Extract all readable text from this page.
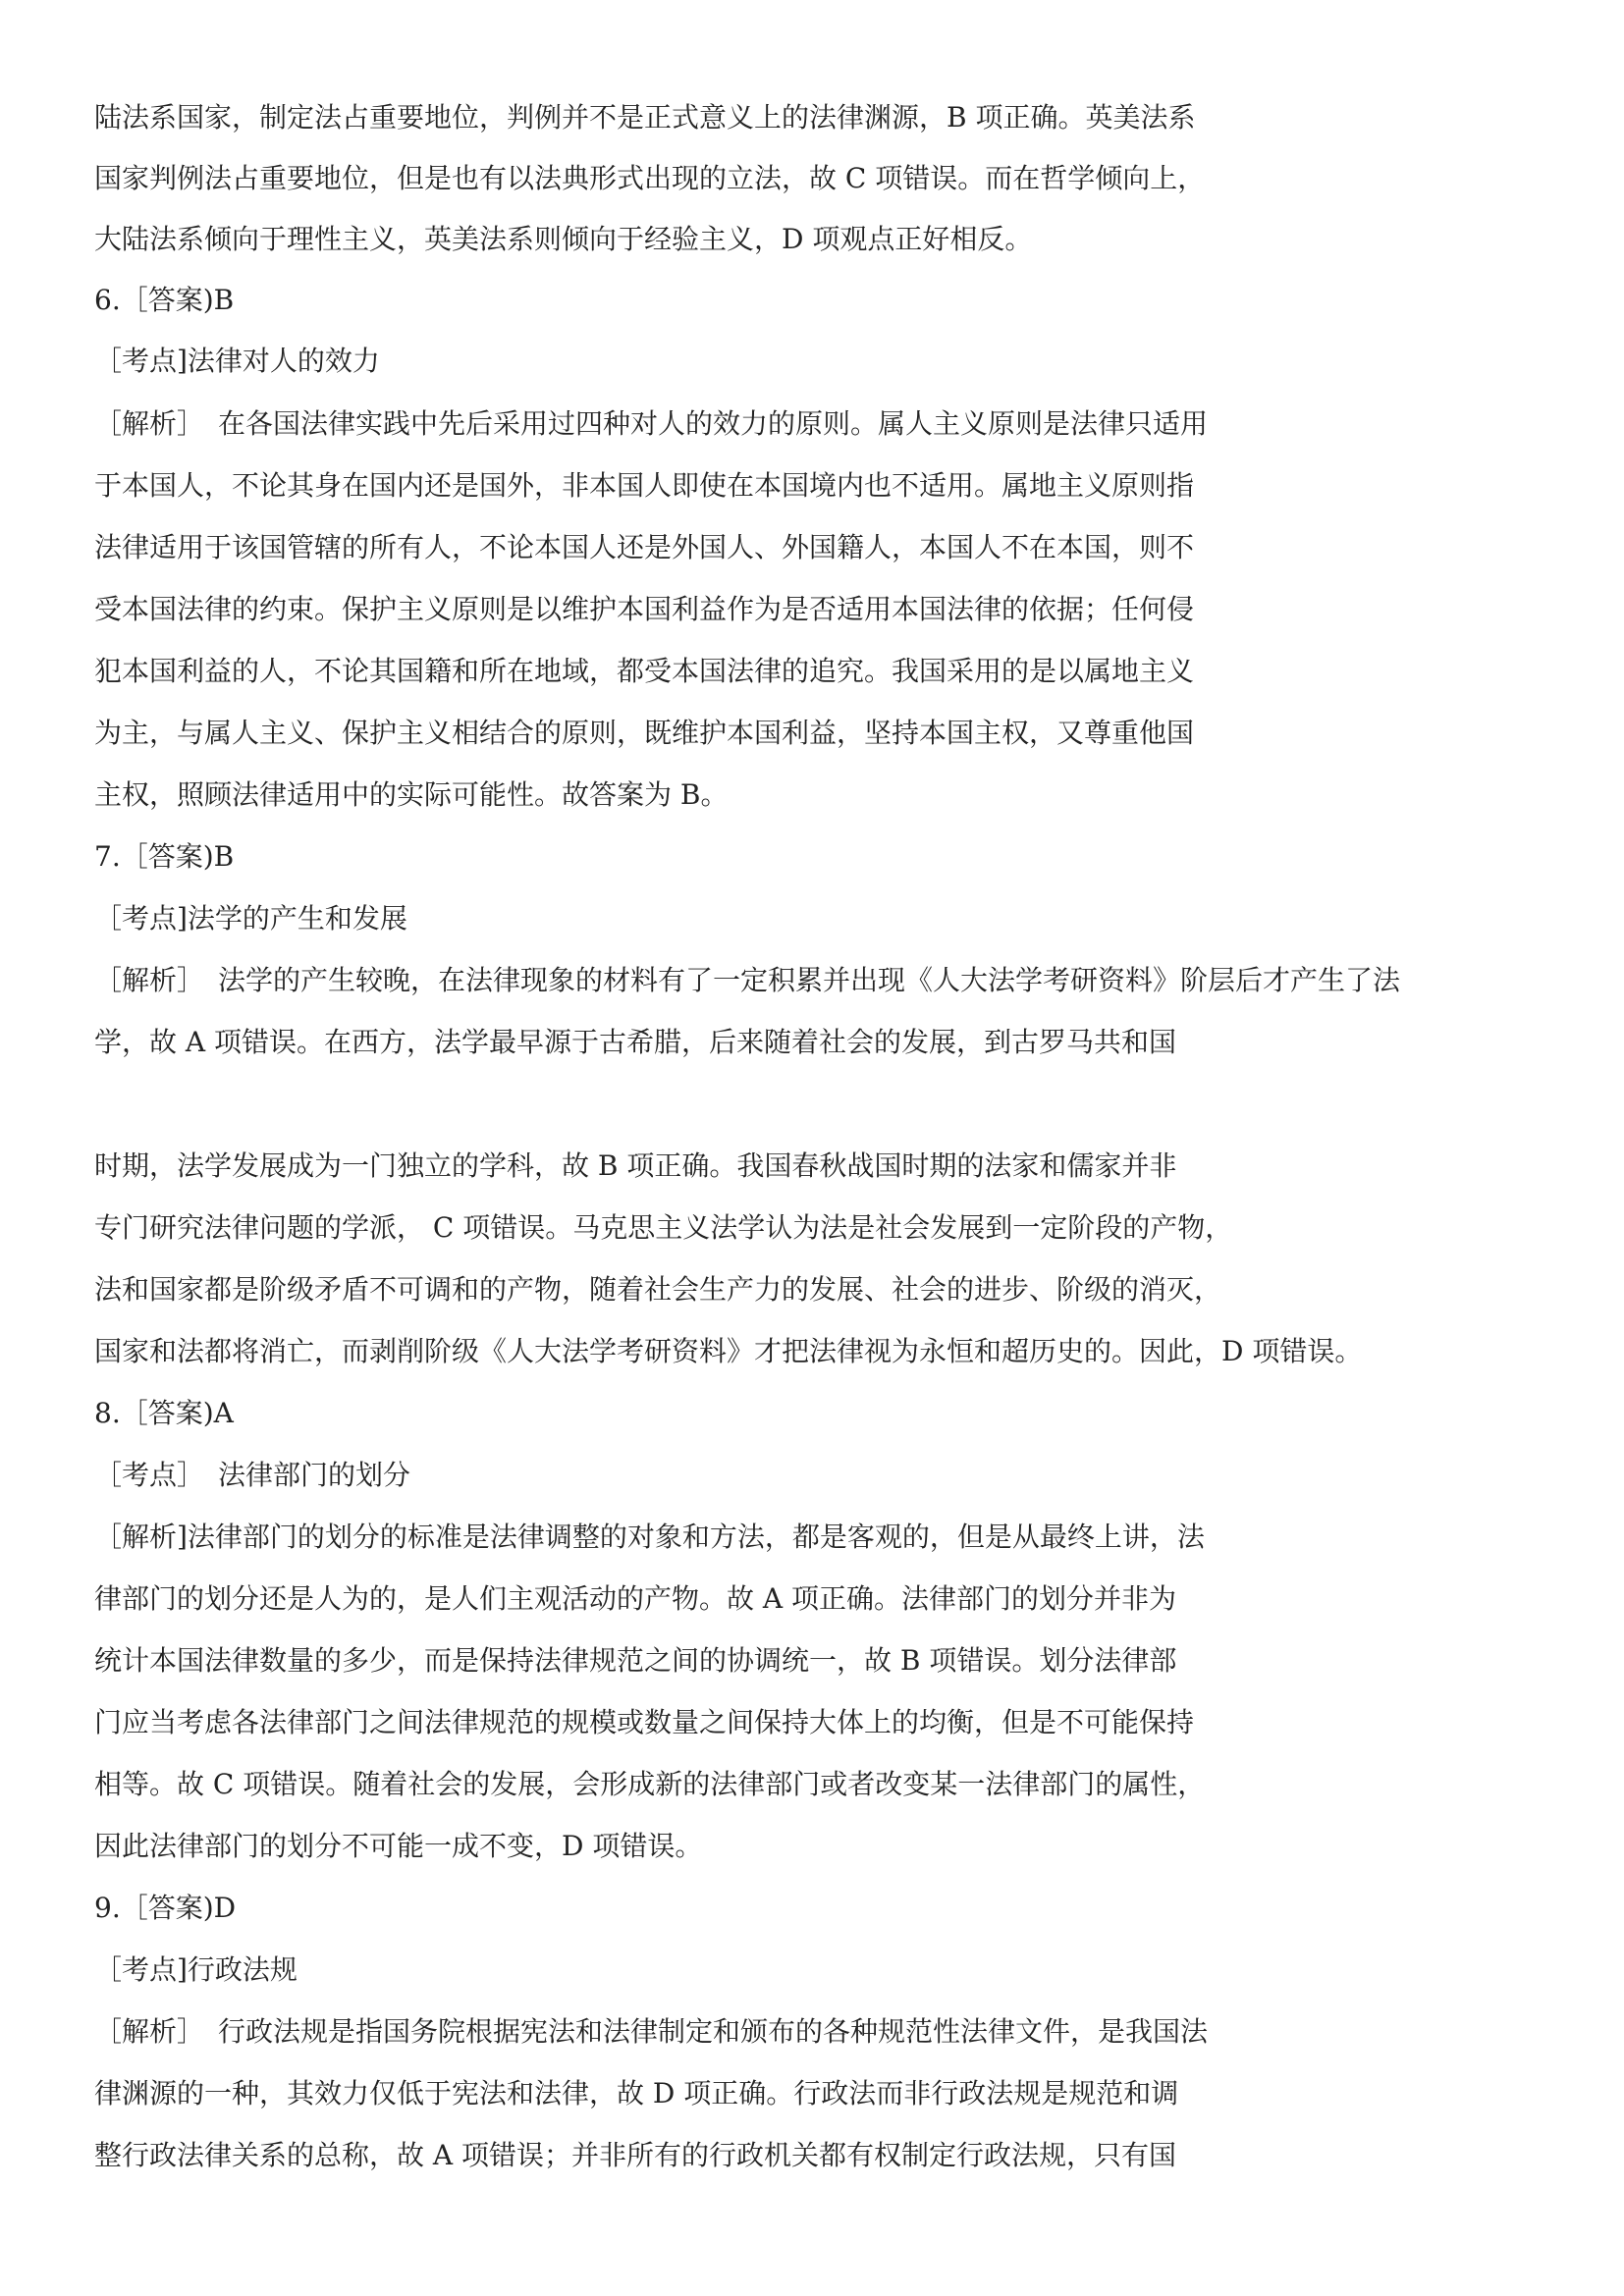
陆法系国家，制定法占重要地位，判例并不是正式意义上的法律渊源，B 项正确。英美法系
国家判例法占重要地位，但是也有以法典形式出现的立法，故 C 项错误。而在哲学倾向上，
大陆法系倾向于理性主义，英美法系则倾向于经验主义，D 项观点正好相反。
6.［答案)B
［考点]法律对人的效力
［解析］　在各国法律实践中先后采用过四种对人的效力的原则。属人主义原则是法律只适用
于本国人，不论其身在国内还是国外，非本国人即使在本国境内也不适用。属地主义原则指
法律适用于该国管辖的所有人，不论本国人还是外国人、外国籍人，本国人不在本国，则不
受本国法律的约束。保护主义原则是以维护本国利益作为是否适用本国法律的依据；任何侵
犯本国利益的人，不论其国籍和所在地域，都受本国法律的追究。我国采用的是以属地主义
为主，与属人主义、保护主义相结合的原则，既维护本国利益，坚持本国主权，又尊重他国
主权，照顾法律适用中的实际可能性。故答案为 B。
7.［答案)B
［考点]法学的产生和发展
［解析］　法学的产生较晚，在法律现象的材料有了一定积累并出现《人大法学考研资料》阶层后才产生了法
学，故 A 项错误。在西方，法学最早源于古希腊，后来随着社会的发展，到古罗马共和国
时期，法学发展成为一门独立的学科，故 B 项正确。我国春秋战国时期的法家和儒家并非
专门研究法律问题的学派， C 项错误。马克思主义法学认为法是社会发展到一定阶段的产物，
法和国家都是阶级矛盾不可调和的产物，随着社会生产力的发展、社会的进步、阶级的消灭，
国家和法都将消亡，而剥削阶级《人大法学考研资料》才把法律视为永恒和超历史的。因此，D 项错误。
8.［答案)A
［考点］　法律部门的划分
［解析]法律部门的划分的标准是法律调整的对象和方法，都是客观的，但是从最终上讲，法
律部门的划分还是人为的，是人们主观活动的产物。故 A 项正确。法律部门的划分并非为
统计本国法律数量的多少，而是保持法律规范之间的协调统一，故 B 项错误。划分法律部
门应当考虑各法律部门之间法律规范的规模或数量之间保持大体上的均衡，但是不可能保持
相等。故 C 项错误。随着社会的发展，会形成新的法律部门或者改变某一法律部门的属性，
因此法律部门的划分不可能一成不变，D 项错误。
9.［答案)D
［考点]行政法规
［解析］　行政法规是指国务院根据宪法和法律制定和颁布的各种规范性法律文件，是我国法
律渊源的一种，其效力仅低于宪法和法律，故 D 项正确。行政法而非行政法规是规范和调
整行政法律关系的总称，故 A 项错误；并非所有的行政机关都有权制定行政法规，只有国
